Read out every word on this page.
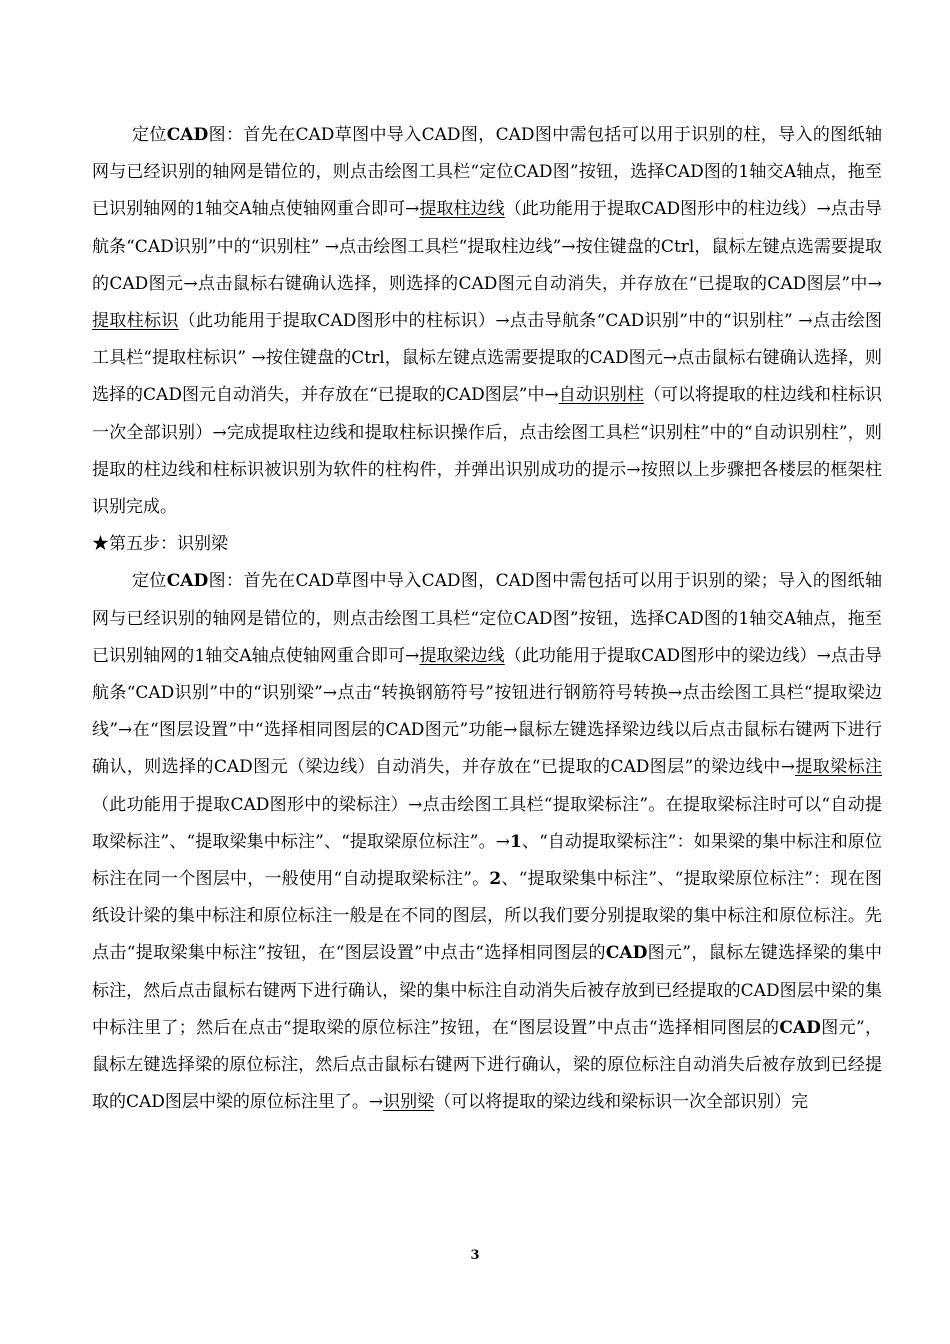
定位CAD图：首先在CAD草图中导入CAD图，CAD图中需包括可以用于识别的柱，导入的图纸轴网与已经识别的轴网是错位的，则点击绘图工具栏“定位CAD图”按钮，选择CAD图的1轴交A轴点，拖至已识别轴网的1轴交A轴点使轴网重合即可→提取柱边线（此功能用于提取CAD图形中的柱边线）→点击导航条“CAD识别”中的“识别柱” →点击绘图工具栏“提取柱边线”→按住键盘的Ctrl，鼠标左键点选需要提取的CAD图元→点击鼠标右键确认选择，则选择的CAD图元自动消失，并存放在“已提取的CAD图层”中→提取柱标识（此功能用于提取CAD图形中的柱标识）→点击导航条“CAD识别”中的“识别柱” →点击绘图工具栏“提取柱标识” →按住键盘的Ctrl，鼠标左键点选需要提取的CAD图元→点击鼠标右键确认选择，则选择的CAD图元自动消失，并存放在“已提取的CAD图层”中→自动识别柱（可以将提取的柱边线和柱标识一次全部识别）→完成提取柱边线和提取柱标识操作后，点击绘图工具栏“识别柱”中的“自动识别柱”，则提取的柱边线和柱标识被识别为软件的柱构件，并弹出识别成功的提示→按照以上步骤把各楼层的框架柱识别完成。

★第五步：识别梁

定位CAD图：首先在CAD草图中导入CAD图，CAD图中需包括可以用于识别的梁；导入的图纸轴网与已经识别的轴网是错位的，则点击绘图工具栏“定位CAD图”按钮，选择CAD图的1轴交A轴点，拖至已识别轴网的1轴交A轴点使轴网重合即可→提取梁边线（此功能用于提取CAD图形中的梁边线）→点击导航条“CAD识别”中的“识别梁”→点击“转换钢筋符号”按钮进行钢筋符号转换→点击绘图工具栏“提取梁边线”→在“图层设置”中“选择相同图层的CAD图元”功能→鼠标左键选择梁边线以后点击鼠标右键两下进行确认，则选择的CAD图元（梁边线）自动消失，并存放在“已提取的CAD图层”的梁边线中→提取梁标注（此功能用于提取CAD图形中的梁标注）→点击绘图工具栏“提取梁标注”。在提取梁标注时可以“自动提取梁标注”、“提取梁集中标注”、“提取梁原位标注”。→1、“自动提取梁标注”：如果梁的集中标注和原位标注在同一个图层中，一般使用“自动提取梁标注”。2、“提取梁集中标注”、“提取梁原位标注”：现在图纸设计梁的集中标注和原位标注一般是在不同的图层，所以我们要分别提取梁的集中标注和原位标注。先点击“提取梁集中标注”按钮，在“图层设置”中点击“选择相同图层的CAD图元”，鼠标左键选择梁的集中标注，然后点击鼠标右键两下进行确认，梁的集中标注自动消失后被存放到已经提取的CAD图层中梁的集中标注里了；然后在点击“提取梁的原位标注”按钮，在“图层设置”中点击“选择相同图层的CAD图元”，鼠标左键选择梁的原位标注，然后点击鼠标右键两下进行确认，梁的原位标注自动消失后被存放到已经提取的CAD图层中梁的原位标注里了。→识别梁（可以将提取的梁边线和梁标识一次全部识别）完

3
